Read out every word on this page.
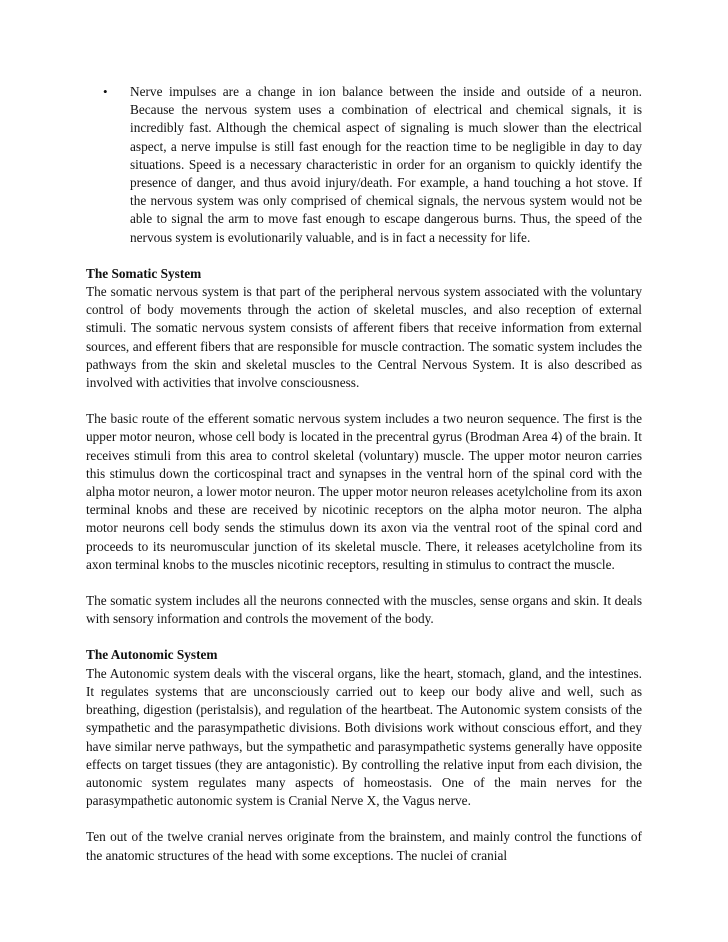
• Nerve impulses are a change in ion balance between the inside and outside of a neuron. Because the nervous system uses a combination of electrical and chemical signals, it is incredibly fast. Although the chemical aspect of signaling is much slower than the electrical aspect, a nerve impulse is still fast enough for the reaction time to be negligible in day to day situations. Speed is a necessary characteristic in order for an organism to quickly identify the presence of danger, and thus avoid injury/death. For example, a hand touching a hot stove. If the nervous system was only comprised of chemical signals, the nervous system would not be able to signal the arm to move fast enough to escape dangerous burns. Thus, the speed of the nervous system is evolutionarily valuable, and is in fact a necessity for life.
The Somatic System

The somatic nervous system is that part of the peripheral nervous system associated with the voluntary control of body movements through the action of skeletal muscles, and also reception of external stimuli. The somatic nervous system consists of afferent fibers that receive information from external sources, and efferent fibers that are responsible for muscle contraction. The somatic system includes the pathways from the skin and skeletal muscles to the Central Nervous System. It is also described as involved with activities that involve consciousness.

The basic route of the efferent somatic nervous system includes a two neuron sequence. The first is the upper motor neuron, whose cell body is located in the precentral gyrus (Brodman Area 4) of the brain. It receives stimuli from this area to control skeletal (voluntary) muscle. The upper motor neuron carries this stimulus down the corticospinal tract and synapses in the ventral horn of the spinal cord with the alpha motor neuron, a lower motor neuron. The upper motor neuron releases acetylcholine from its axon terminal knobs and these are received by nicotinic receptors on the alpha motor neuron. The alpha motor neurons cell body sends the stimulus down its axon via the ventral root of the spinal cord and proceeds to its neuromuscular junction of its skeletal muscle. There, it releases acetylcholine from its axon terminal knobs to the muscles nicotinic receptors, resulting in stimulus to contract the muscle.

The somatic system includes all the neurons connected with the muscles, sense organs and skin. It deals with sensory information and controls the movement of the body.

The Autonomic System

The Autonomic system deals with the visceral organs, like the heart, stomach, gland, and the intestines. It regulates systems that are unconsciously carried out to keep our body alive and well, such as breathing, digestion (peristalsis), and regulation of the heartbeat. The Autonomic system consists of the sympathetic and the parasympathetic divisions. Both divisions work without conscious effort, and they have similar nerve pathways, but the sympathetic and parasympathetic systems generally have opposite effects on target tissues (they are antagonistic). By controlling the relative input from each division, the autonomic system regulates many aspects of homeostasis. One of the main nerves for the parasympathetic autonomic system is Cranial Nerve X, the Vagus nerve.

Ten out of the twelve cranial nerves originate from the brainstem, and mainly control the functions of the anatomic structures of the head with some exceptions. The nuclei of cranial
